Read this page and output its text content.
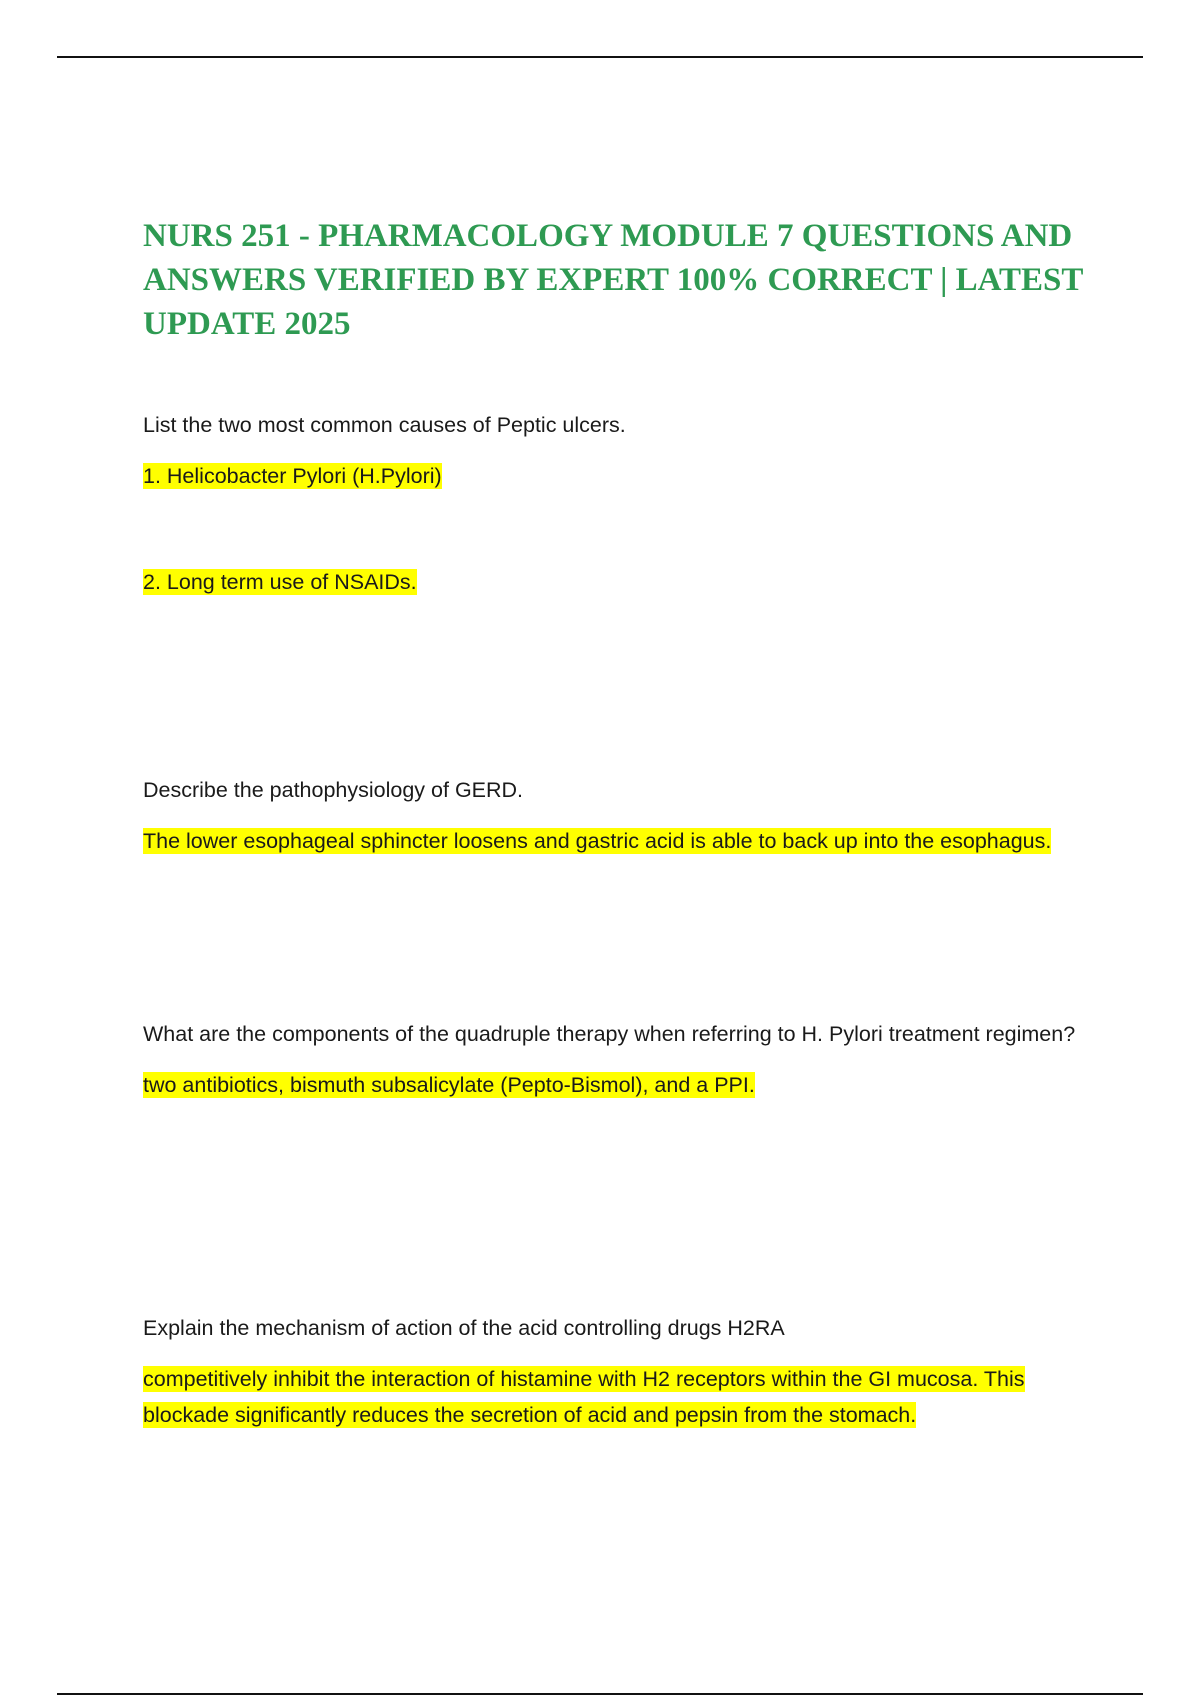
NURS 251 - PHARMACOLOGY MODULE 7 QUESTIONS AND ANSWERS VERIFIED BY EXPERT 100% CORRECT | LATEST UPDATE 2025

List the two most common causes of Peptic ulcers.

1. Helicobacter Pylori (H.Pylori)

2. Long term use of NSAIDs.

Describe the pathophysiology of GERD.

The lower esophageal sphincter loosens and gastric acid is able to back up into the esophagus.

What are the components of the quadruple therapy when referring to H. Pylori treatment regimen?

two antibiotics, bismuth subsalicylate (Pepto-Bismol), and a PPI.

Explain the mechanism of action of the acid controlling drugs H2RA

competitively inhibit the interaction of histamine with H2 receptors within the GI mucosa. This blockade significantly reduces the secretion of acid and pepsin from the stomach.
